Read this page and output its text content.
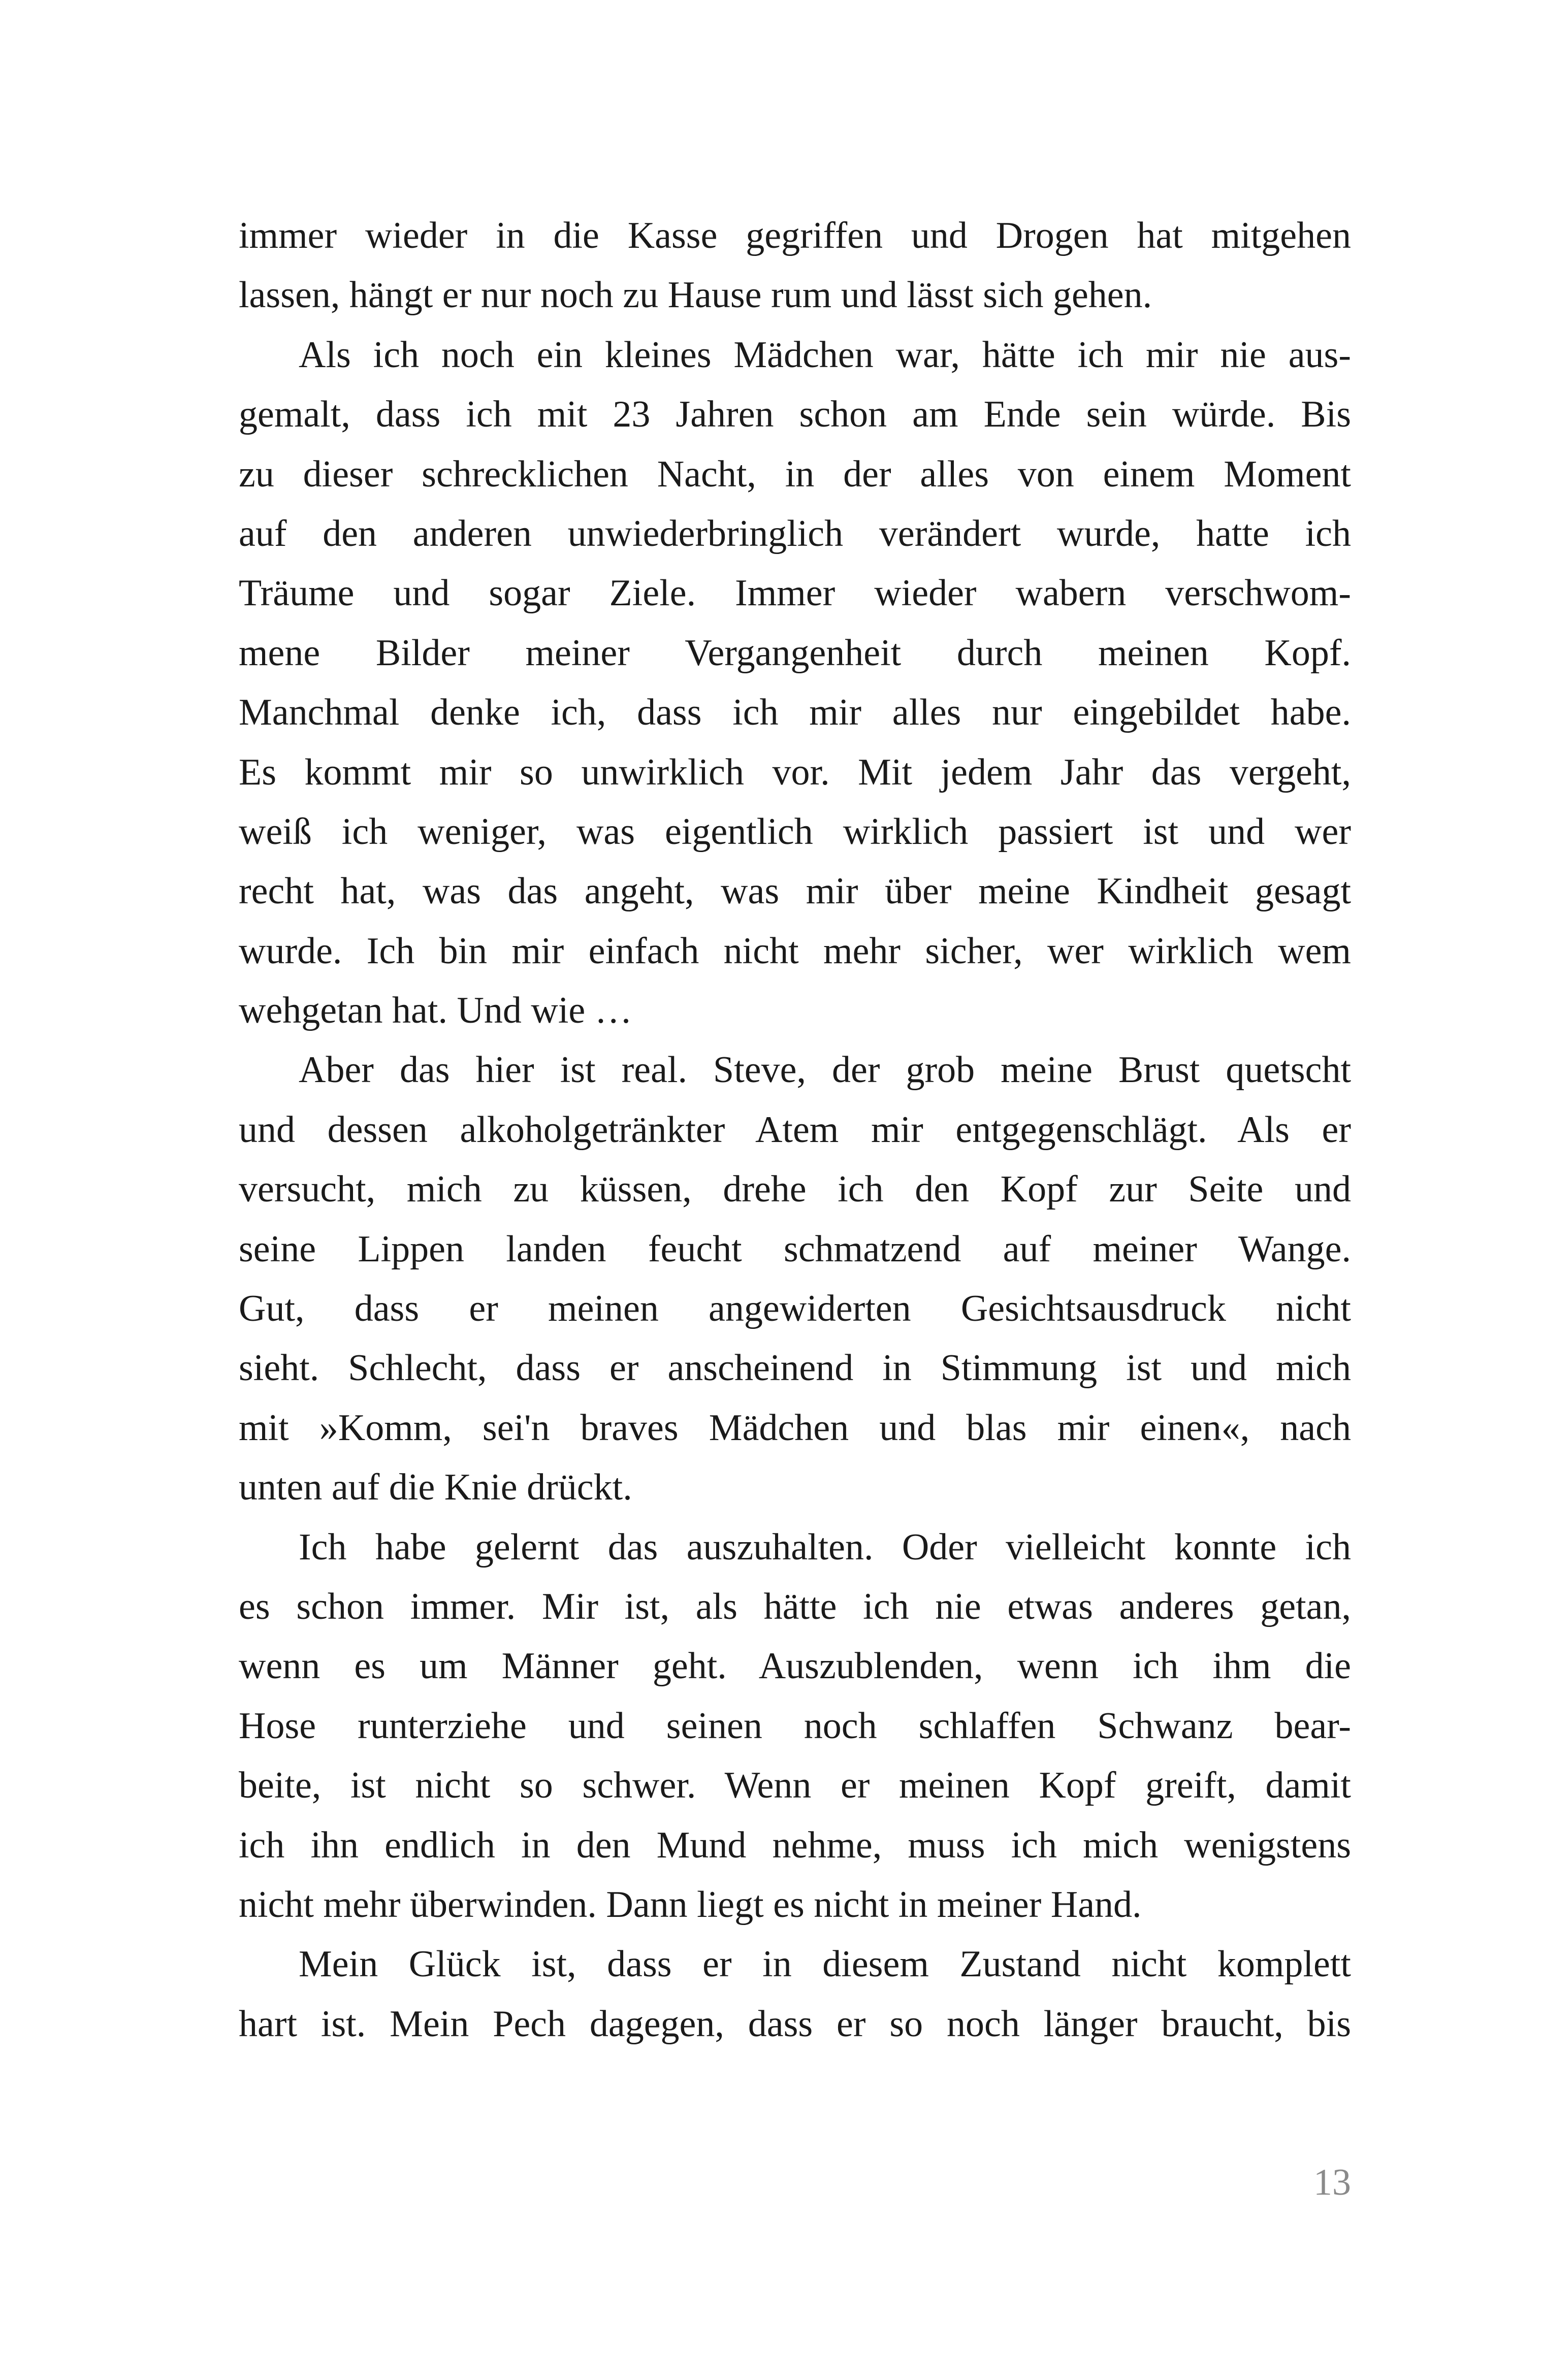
immer wieder in die Kasse gegriffen und Drogen hat mitgehen
lassen, hängt er nur noch zu Hause rum und lässt sich gehen.
Als ich noch ein kleines Mädchen war, hätte ich mir nie aus-
gemalt, dass ich mit 23 Jahren schon am Ende sein würde. Bis
zu dieser schrecklichen Nacht, in der alles von einem Moment
auf den anderen unwiederbringlich verändert wurde, hatte ich
Träume und sogar Ziele. Immer wieder wabern verschwom-
mene Bilder meiner Vergangenheit durch meinen Kopf.
Manchmal denke ich, dass ich mir alles nur eingebildet habe.
Es kommt mir so unwirklich vor. Mit jedem Jahr das vergeht,
weiß ich weniger, was eigentlich wirklich passiert ist und wer
recht hat, was das angeht, was mir über meine Kindheit gesagt
wurde. Ich bin mir einfach nicht mehr sicher, wer wirklich wem
wehgetan hat. Und wie …
Aber das hier ist real. Steve, der grob meine Brust quetscht
und dessen alkoholgetränkter Atem mir entgegenschlägt. Als er
versucht, mich zu küssen, drehe ich den Kopf zur Seite und
seine Lippen landen feucht schmatzend auf meiner Wange.
Gut, dass er meinen angewiderten Gesichtsausdruck nicht
sieht. Schlecht, dass er anscheinend in Stimmung ist und mich
mit »Komm, sei'n braves Mädchen und blas mir einen«, nach
unten auf die Knie drückt.
Ich habe gelernt das auszuhalten. Oder vielleicht konnte ich
es schon immer. Mir ist, als hätte ich nie etwas anderes getan,
wenn es um Männer geht. Auszublenden, wenn ich ihm die
Hose runterziehe und seinen noch schlaffen Schwanz bear-
beite, ist nicht so schwer. Wenn er meinen Kopf greift, damit
ich ihn endlich in den Mund nehme, muss ich mich wenigstens
nicht mehr überwinden. Dann liegt es nicht in meiner Hand.
Mein Glück ist, dass er in diesem Zustand nicht komplett
hart ist. Mein Pech dagegen, dass er so noch länger braucht, bis
13
